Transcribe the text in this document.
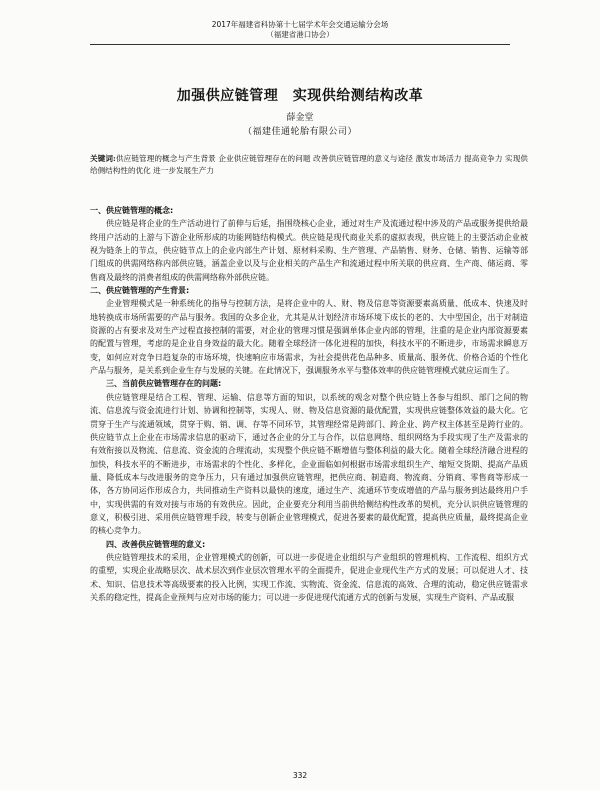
2017年福建省科协第十七届学术年会交通运输分会场
（福建省港口协会）
加强供应链管理　实现供给测结构改革
薛金堂
（福建佳通轮胎有限公司）
关键词:供应链管理的概念与产生背景 企业供应链管理存在的问题 改善供应链管理的意义与途径 激发市场活力 提高竞争力 实现供给侧结构性的优化 进一步发展生产力
一、供应链管理的概念:

供应链是将企业的生产活动进行了前伸与后延，指围绕核心企业，通过对生产及流通过程中涉及的产品或服务提供给最终用户活动的上游与下游企业所形成的功能网链结构模式。供应链是现代商业关系的虚拟表现，供应链上的主要活动企业被视为链条上的节点，供应链节点上的企业内部生产计划、原材料采购、生产管理、产品销售、财务、仓储、销售、运输等部门组成的供需网络称内部供应链，涵盖企业以及与企业相关的产品生产和流通过程中所关联的供应商、生产商、储运商、零售商及最终的消费者组成的供需网络称外部供应链。

二、供应链管理的产生背景:

企业管理模式是一种系统化的指导与控制方法，是将企业中的人、财、物及信息等资源要素高质量、低成本、快速及时地转换成市场所需要的产品与服务。我国的众多企业，尤其是从计划经济市场环境下成长的老的、大中型国企，出于对制造资源的占有要求及对生产过程直接控制的需要，对企业的管理习惯是强调单体企业内部的管理，注重的是企业内部资源要素的配置与管理，考虑的是企业自身效益的最大化。随着全球经济一体化进程的加快，科技水平的不断进步，市场需求瞬息万变，如何应对竞争日趋复杂的市场环境，快速响应市场需求，为社会提供花色品种多、质量高、服务优、价格合适的个性化产品与服务，是关系到企业生存与发展的关键。在此情况下，强调服务水平与整体效率的供应链管理模式就应运而生了。

三、当前供应链管理存在的问题:

供应链管理是结合工程、管理、运输、信息等方面的知识，以系统的观念对整个供应链上各参与组织、部门之间的物流、信息流与资金流进行计划、协调和控制等，实现人、财、物及信息资源的最优配置，实现供应链整体效益的最大化。它贯穿于生产与流通领域，贯穿于购、销、调、存等不同环节，其管理经常是跨部门、跨企业、跨产权主体甚至是跨行业的。供应链节点上企业在市场需求信息的驱动下，通过各企业的分工与合作，以信息网络、组织网络为手段实现了生产及需求的有效衔接以及物流、信息流、资金流的合理流动，实现整个供应链不断增值与整体利益的最大化。随着全球经济融合进程的加快，科技水平的不断进步，市场需求的个性化、多样化，企业面临如何根据市场需求组织生产、缩短交货期、提高产品质量、降低成本与改进服务的竞争压力，只有通过加强供应链管理，把供应商、制造商、物流商、分销商、零售商等形成一体，各方协同运作形成合力，共同推动生产资料以最快的速度，通过生产、流通环节变成增值的产品与服务到达最终用户手中，实现供需的有效对接与市场的有效供应。因此，企业要充分利用当前供给侧结构性改革的契机，充分认识供应链管理的意义，积极引进、采用供应链管理手段，转变与创新企业管理模式，促进各要素的最优配置，提高供应质量，最终提高企业的核心竞争力。

四、改善供应链管理的意义:

供应链管理技术的采用，企业管理模式的创新，可以进一步促进企业组织与产业组织的管理机构、工作流程、组织方式的重塑，实现企业战略层次、战术层次到作业层次管理水平的全面提升，促进企业现代生产方式的发展；可以促进人才、技术、知识、信息技术等高级要素的投入比例，实现工作流、实物流、资金流、信息流的高效、合理的流动，稳定供应链需求关系的稳定性，提高企业预判与应对市场的能力；可以进一步促进现代流通方式的创新与发展，实现生产资料、产品或服

332
